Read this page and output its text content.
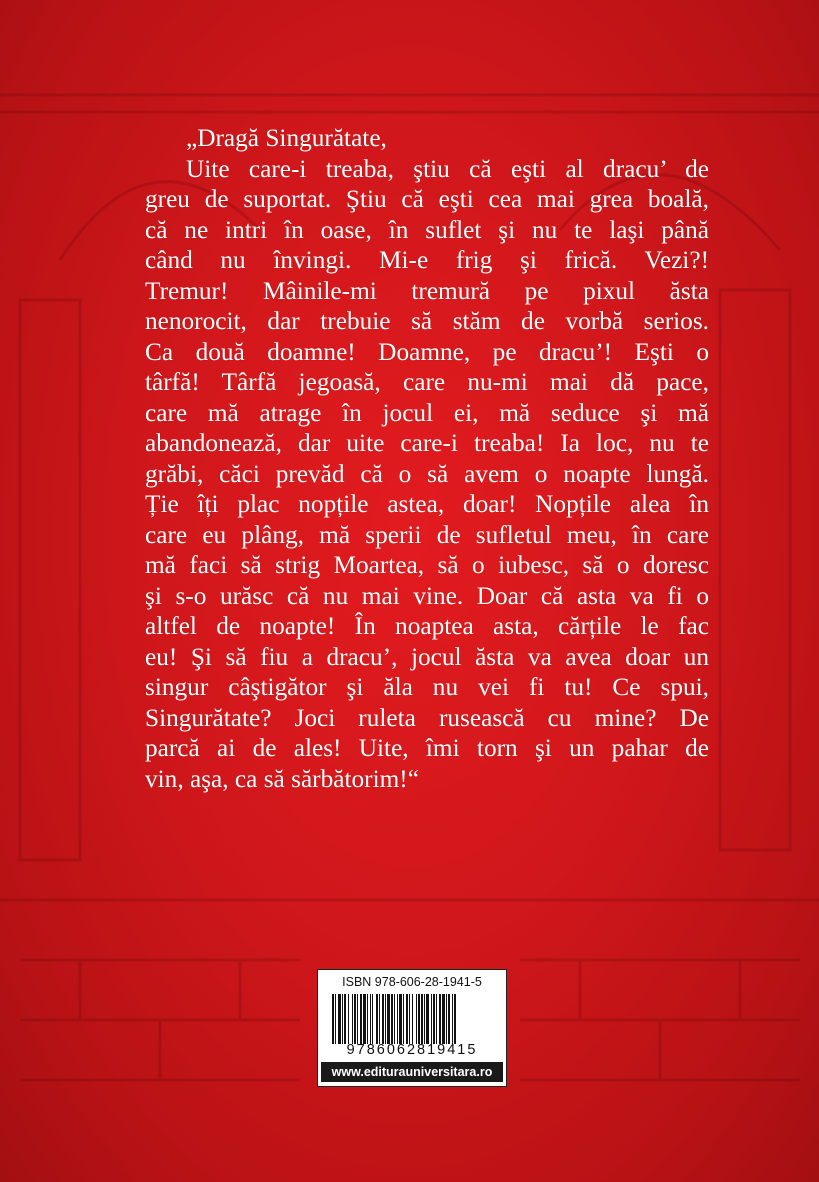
„Dragă Singurătate,
Uite care-i treaba, ştiu că eşti al dracu’ de
greu de suportat. Ştiu că eşti cea mai grea boală,
că ne intri în oase, în suflet şi nu te laşi până
când nu învingi. Mi-e frig şi frică. Vezi?!
Tremur! Mâinile-mi tremură pe pixul ăsta
nenorocit, dar trebuie să stăm de vorbă serios.
Ca două doamne! Doamne, pe dracu’! Eşti o
târfă! Târfă jegoasă, care nu-mi mai dă pace,
care mă atrage în jocul ei, mă seduce şi mă
abandonează, dar uite care-i treaba! Ia loc, nu te
grăbi, căci prevăd că o să avem o noapte lungă.
Ție îți plac nopțile astea, doar! Nopțile alea în
care eu plâng, mă sperii de sufletul meu, în care
mă faci să strig Moartea, să o iubesc, să o doresc
şi s-o urăsc că nu mai vine. Doar că asta va fi o
altfel de noapte! În noaptea asta, cărțile le fac
eu! Şi să fiu a dracu’, jocul ăsta va avea doar un
singur câştigător şi ăla nu vei fi tu! Ce spui,
Singurătate? Joci ruleta rusească cu mine? De
parcă ai de ales! Uite, îmi torn şi un pahar de
vin, aşa, ca să sărbătorim!“
ISBN 978-606-28-1941-5
9786062819415
www.editurauniversitara.ro
